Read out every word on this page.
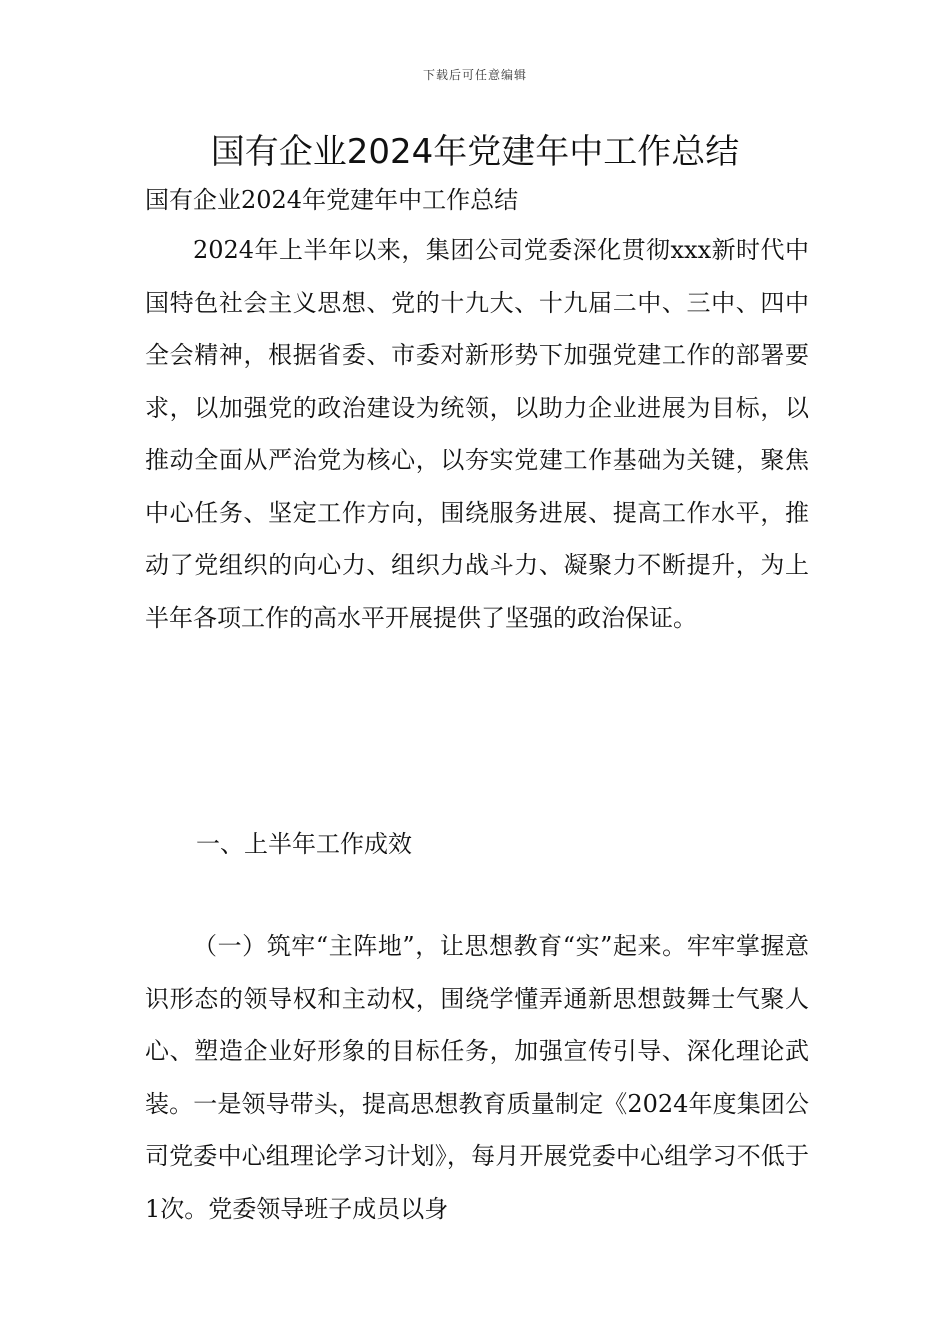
下载后可任意编辑
国有企业2024年党建年中工作总结
国有企业2024年党建年中工作总结

2024年上半年以来，集团公司党委深化贯彻xxx新时代中国特色社会主义思想、党的十九大、十九届二中、三中、四中全会精神，根据省委、市委对新形势下加强党建工作的部署要求，以加强党的政治建设为统领，以助力企业进展为目标，以推动全面从严治党为核心，以夯实党建工作基础为关键，聚焦中心任务、坚定工作方向，围绕服务进展、提高工作水平，推动了党组织的向心力、组织力战斗力、凝聚力不断提升，为上半年各项工作的高水平开展提供了坚强的政治保证。

一、上半年工作成效

（一）筑牢“主阵地”，让思想教育“实”起来。牢牢掌握意识形态的领导权和主动权，围绕学懂弄通新思想鼓舞士气聚人心、塑造企业好形象的目标任务，加强宣传引导、深化理论武装。一是领导带头，提高思想教育质量制定《2024年度集团公司党委中心组理论学习计划》，每月开展党委中心组学习不低于1次。党委领导班子成员以身
